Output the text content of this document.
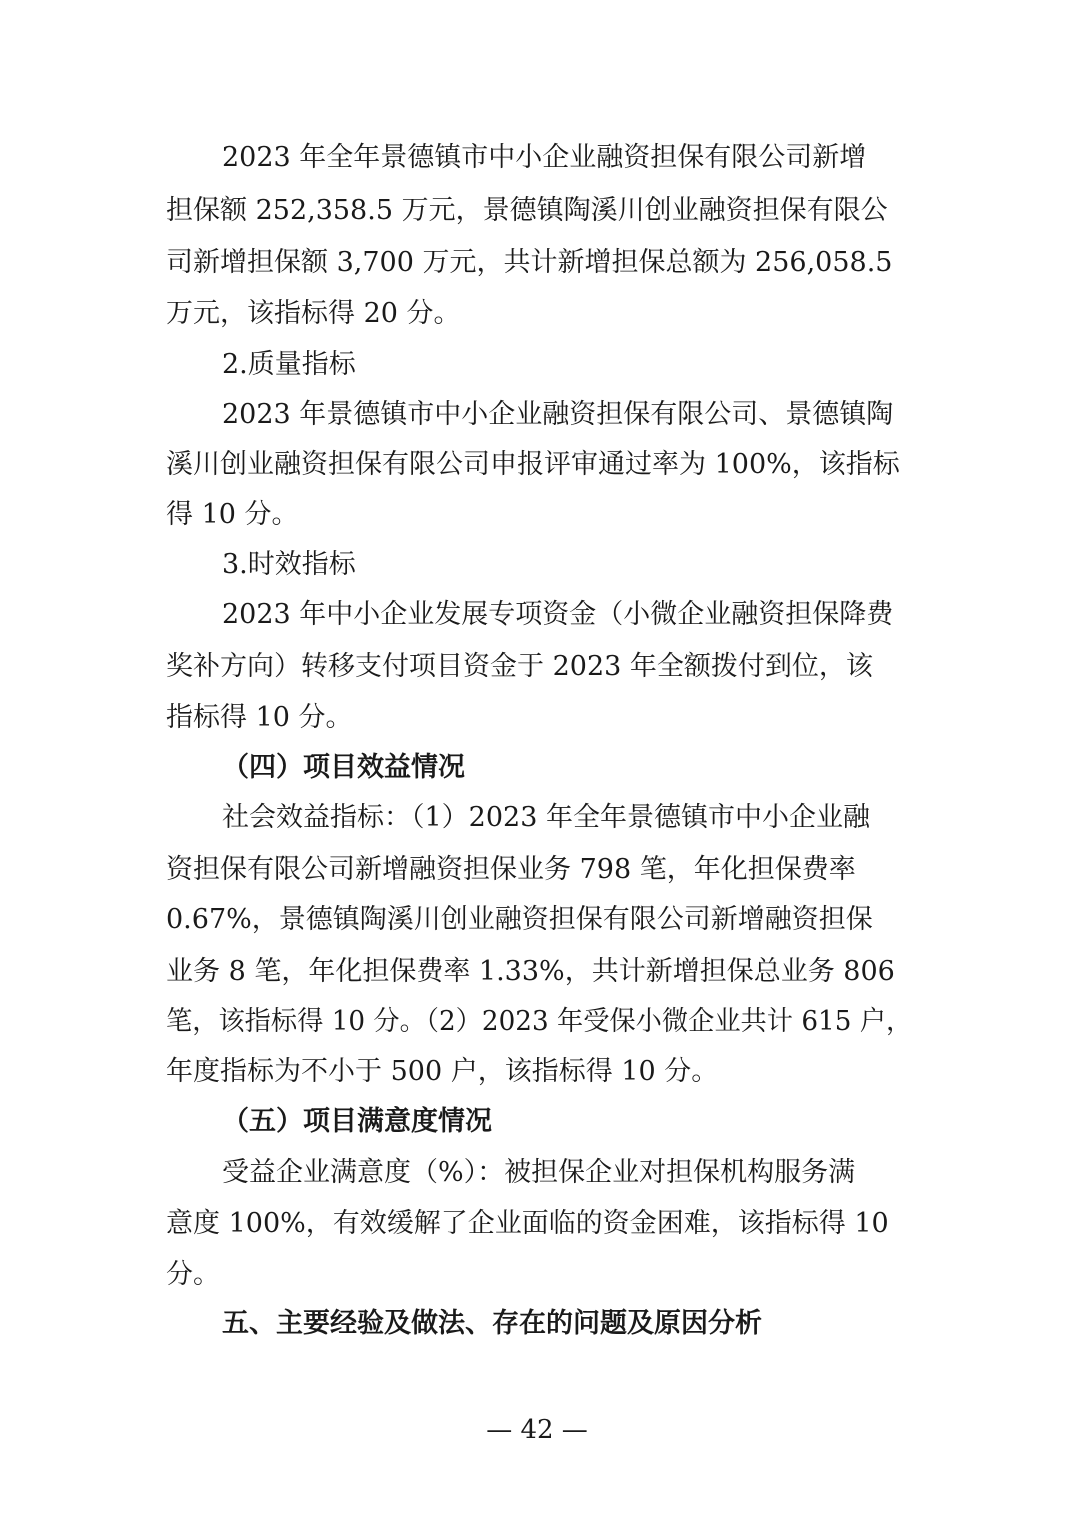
2023 年全年景德镇市中小企业融资担保有限公司新增
担保额 252,358.5 万元，景德镇陶溪川创业融资担保有限公
司新增担保额 3,700 万元，共计新增担保总额为 256,058.5
万元，该指标得 20 分。
2.质量指标
2023 年景德镇市中小企业融资担保有限公司、景德镇陶
溪川创业融资担保有限公司申报评审通过率为 100%，该指标
得 10 分。
3.时效指标
2023 年中小企业发展专项资金（小微企业融资担保降费
奖补方向）转移支付项目资金于 2023 年全额拨付到位，该
指标得 10 分。
（四）项目效益情况
社会效益指标：（1）2023 年全年景德镇市中小企业融
资担保有限公司新增融资担保业务 798 笔，年化担保费率
0.67%，景德镇陶溪川创业融资担保有限公司新增融资担保
业务 8 笔，年化担保费率 1.33%，共计新增担保总业务 806
笔，该指标得 10 分。（2）2023 年受保小微企业共计 615 户，
年度指标为不小于 500 户，该指标得 10 分。
（五）项目满意度情况
受益企业满意度（%）：被担保企业对担保机构服务满
意度 100%，有效缓解了企业面临的资金困难，该指标得 10
分。
五、主要经验及做法、存在的问题及原因分析
— 42 —
